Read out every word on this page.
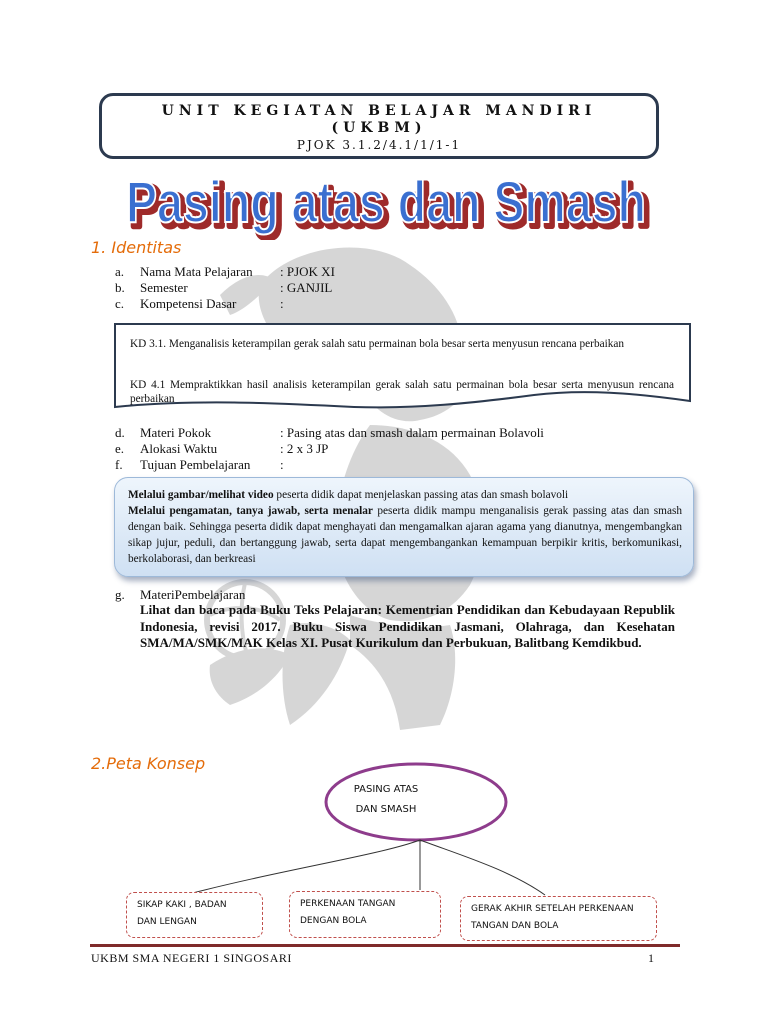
UNIT KEGIATAN BELAJAR MANDIRI
(UKBM)
PJOK 3.1.2/4.1/1/1-1
Pasing atas dan Smash
Pasing atas dan Smash
1. Identitas
a. Nama Mata Pelajaran : PJOK XI
b. Semester	: GANJIL
c. Kompetensi Dasar	:
KD 3.1. Menganalisis keterampilan gerak salah satu permainan bola besar serta menyusun rencana perbaikan
KD 4.1 Mempraktikkan hasil analisis keterampilan gerak salah satu permainan bola besar serta menyusun rencana perbaikan
d. Materi Pokok	: Pasing atas dan smash dalam permainan Bolavoli
e. Alokasi Waktu	: 2 x 3 JP
f. Tujuan Pembelajaran :
Melalui gambar/melihat video peserta didik dapat menjelaskan passing atas dan smash bolavoli
Melalui pengamatan, tanya jawab, serta menalar peserta didik mampu menganalisis gerak passing atas dan smash dengan baik. Sehingga peserta didik dapat menghayati dan mengamalkan ajaran agama yang dianutnya, mengembangkan sikap jujur, peduli, dan bertanggung jawab, serta dapat mengembangankan kemampuan berpikir kritis, berkomunikasi, berkolaborasi, dan berkreasi
g. MateriPembelajaran
Lihat dan baca pada Buku Teks Pelajaran: Kementrian Pendidikan dan Kebudayaan Republik Indonesia, revisi 2017. Buku Siswa Pendidikan Jasmani, Olahraga, dan Kesehatan SMA/MA/SMK/MAK Kelas XI. Pusat Kurikulum dan Perbukuan, Balitbang Kemdikbud.
2.Peta Konsep
PASING ATAS
DAN SMASH
SIKAP KAKI , BADAN
DAN LENGAN
PERKENAAN TANGAN
DENGAN BOLA
GERAK AKHIR SETELAH PERKENAAN
TANGAN DAN BOLA
UKBM SMA NEGERI 1 SINGOSARI	1
